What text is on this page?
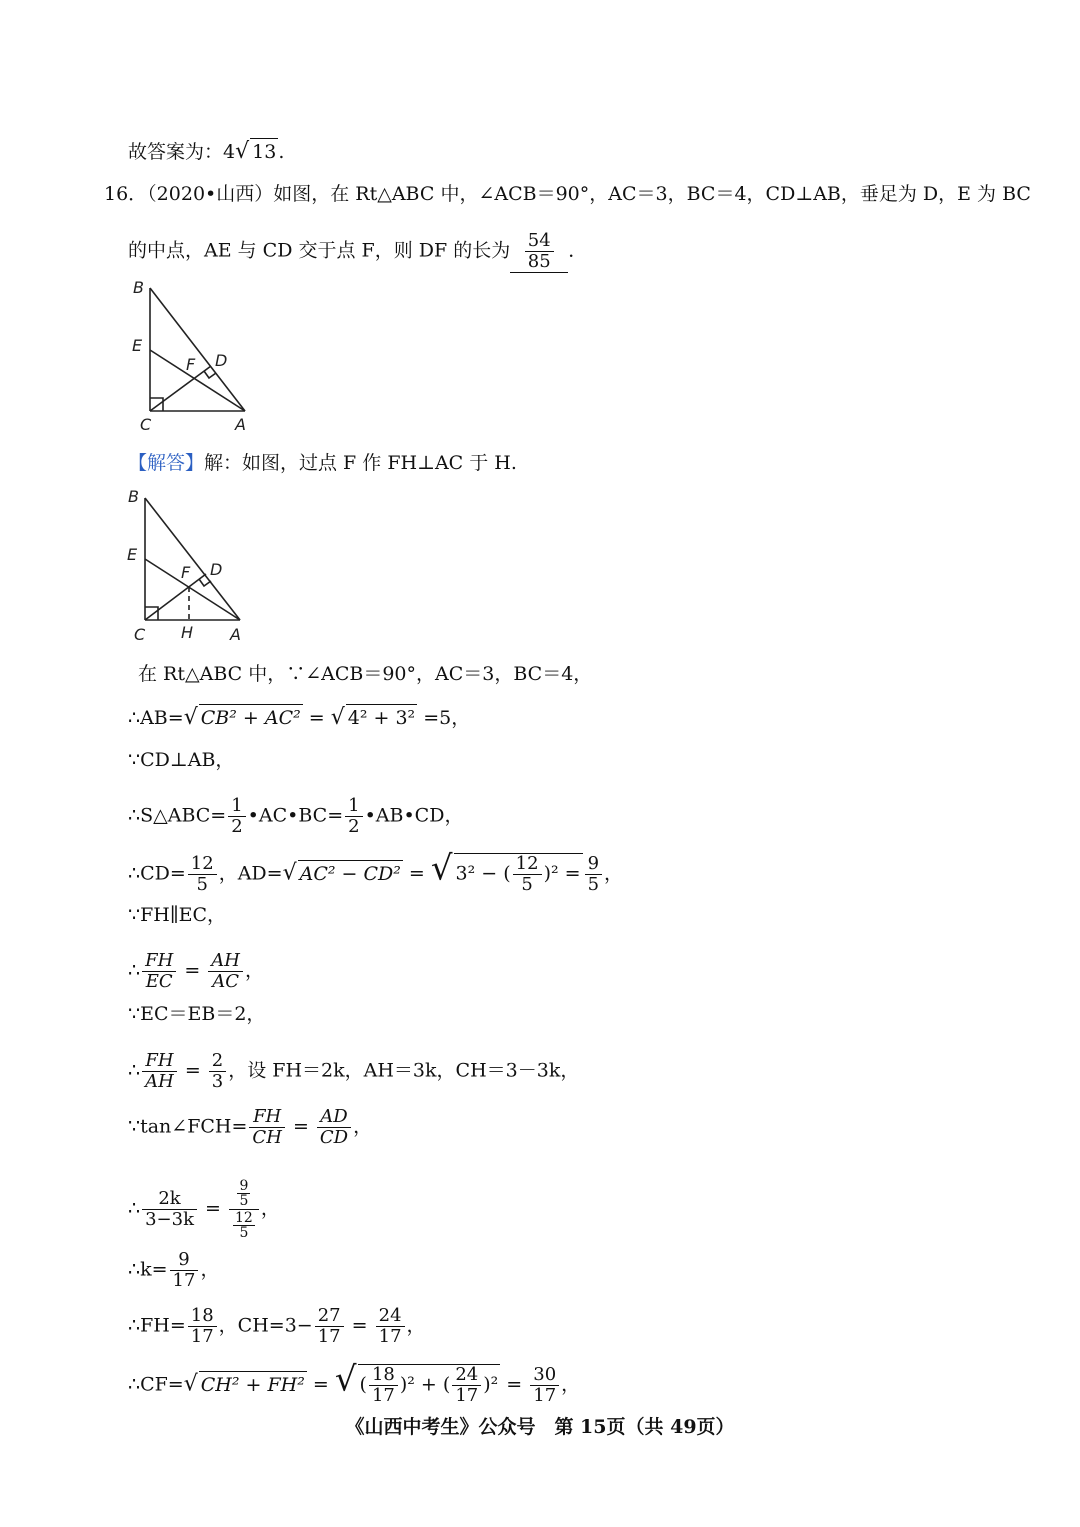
故答案为：4√ 13 .
16．（2020•山西）如图，在 Rt△ABC 中，∠ACB＝90°，AC＝3，BC＝4，CD⊥AB，垂足为 D，E 为 BC
的中点，AE 与 CD 交于点 F，则 DF 的长为 $\frac{54}{85}$ ．
B
E
F D
C	A
【解答】解：如图，过点 F 作 FH⊥AC 于 H.
B
E
F D
C H A
在 Rt△ABC 中，∵∠ACB＝90°，AC＝3，BC＝4，
∴AB=√ CB² + AC² = √ 4² + 3² =5，
∵CD⊥AB，
∴S△ABC= $\frac{1}{2}$ •AC•BC= $\frac{1}{2}$ •AB•CD，
∴CD= $\frac{12}{5}$ ，AD=√ AC² − CD² = √ 3² − ( $\frac{12}{5} )^2 = \frac{9}{5}$ ，
∵FH∥EC，
∴ $\frac{FH}{EC} = \frac{AH}{AC}$ ，
∵EC＝EB＝2，
∴ $\frac{FH}{AH} = \frac{2}{3}$ ，设 FH＝2k，AH＝3k，CH＝3－3k，
∵tan∠FCH= $\frac{FH}{CH} = \frac{AD}{CD}$ ，
∴ $\frac{2k}{3-3k} = \frac{\frac{9}{5}}{\frac{12}{5}}$ ，
∴k= $\frac{9}{17}$ ，
∴FH= $\frac{18}{17}$ ，$CH=3- \frac{27}{17} = \frac{24}{17}$ ，
∴CF=√ CH² + FH² = √ ( $\frac{18}{17} )^2$ + ( $\frac{24}{17} )^2 = \frac{30}{17}$ ，
《山西中考生》公众号　第 15页（共 49页）
